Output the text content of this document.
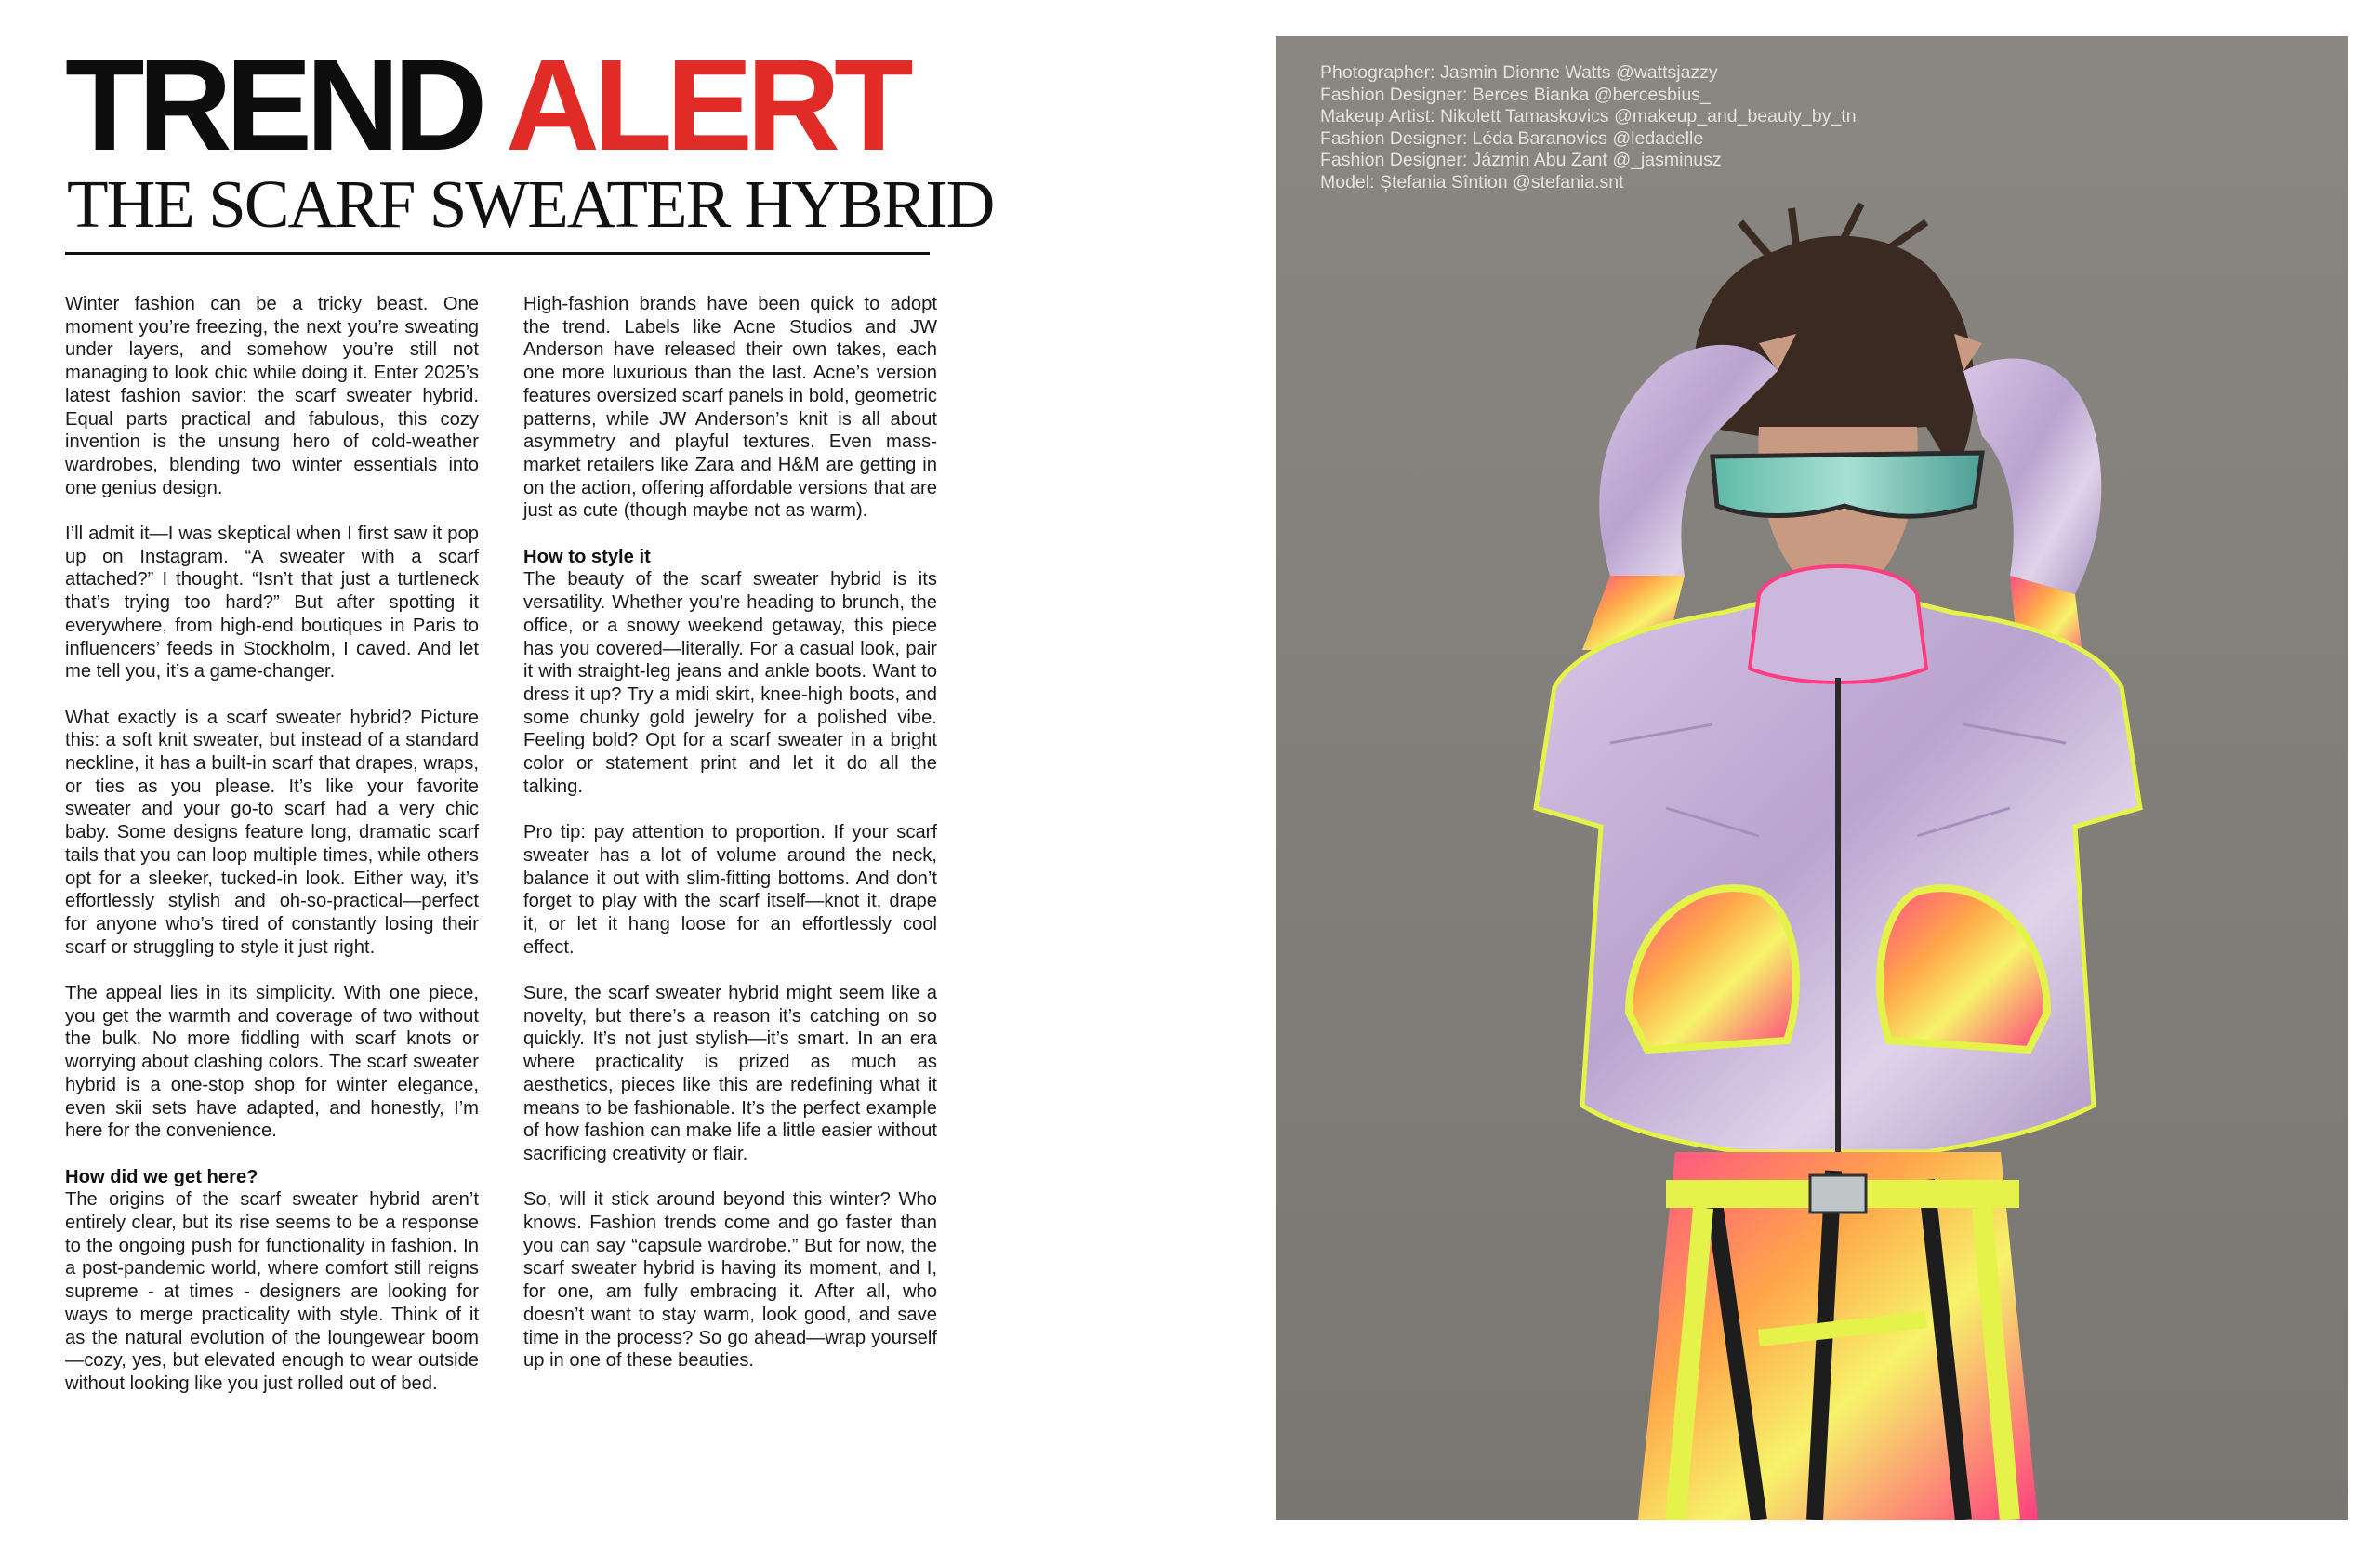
TREND ALERT
THE SCARF SWEATER HYBRID

Winter fashion can be a tricky beast. One moment you’re freezing, the next you’re sweating under layers, and somehow you’re still not managing to look chic while doing it. Enter 2025’s latest fashion savior: the scarf sweater hybrid. Equal parts practical and fabulous, this cozy invention is the unsung hero of cold-weather wardrobes, blending two winter essentials into one genius design.

I’ll admit it—I was skeptical when I first saw it pop up on Instagram. “A sweater with a scarf attached?” I thought. “Isn’t that just a turtleneck that’s trying too hard?” But after spotting it everywhere, from high-end boutiques in Paris to influencers’ feeds in Stockholm, I caved. And let me tell you, it’s a game-changer.

What exactly is a scarf sweater hybrid? Picture this: a soft knit sweater, but instead of a standard neckline, it has a built-in scarf that drapes, wraps, or ties as you please. It’s like your favorite sweater and your go-to scarf had a very chic baby. Some designs feature long, dramatic scarf tails that you can loop multiple times, while others opt for a sleeker, tucked-in look. Either way, it’s effortlessly stylish and oh-so-practical—perfect for anyone who’s tired of constantly losing their scarf or struggling to style it just right.

The appeal lies in its simplicity. With one piece, you get the warmth and coverage of two without the bulk. No more fiddling with scarf knots or worrying about clashing colors. The scarf sweater hybrid is a one-stop shop for winter elegance, even skii sets have adapted, and honestly, I’m here for the convenience.

How did we get here?

The origins of the scarf sweater hybrid aren’t entirely clear, but its rise seems to be a response to the ongoing push for functionality in fashion. In a post-pandemic world, where comfort still reigns supreme - at times - designers are looking for ways to merge practicality with style. Think of it as the natural evolution of the loungewear boom—cozy, yes, but elevated enough to wear outside without looking like you just rolled out of bed.

High-fashion brands have been quick to adopt the trend. Labels like Acne Studios and JW Anderson have released their own takes, each one more luxurious than the last. Acne’s version features oversized scarf panels in bold, geometric patterns, while JW Anderson’s knit is all about asymmetry and playful textures. Even mass-market retailers like Zara and H&M are getting in on the action, offering affordable versions that are just as cute (though maybe not as warm).

How to style it

The beauty of the scarf sweater hybrid is its versatility. Whether you’re heading to brunch, the office, or a snowy weekend getaway, this piece has you covered—literally. For a casual look, pair it with straight-leg jeans and ankle boots. Want to dress it up? Try a midi skirt, knee-high boots, and some chunky gold jewelry for a polished vibe. Feeling bold? Opt for a scarf sweater in a bright color or statement print and let it do all the talking.

Pro tip: pay attention to proportion. If your scarf sweater has a lot of volume around the neck, balance it out with slim-fitting bottoms. And don’t forget to play with the scarf itself—knot it, drape it, or let it hang loose for an effortlessly cool effect.

Sure, the scarf sweater hybrid might seem like a novelty, but there’s a reason it’s catching on so quickly. It’s not just stylish—it’s smart. In an era where practicality is prized as much as aesthetics, pieces like this are redefining what it means to be fashionable. It’s the perfect example of how fashion can make life a little easier without sacrificing creativity or flair.

So, will it stick around beyond this winter? Who knows. Fashion trends come and go faster than you can say “capsule wardrobe.” But for now, the scarf sweater hybrid is having its moment, and I, for one, am fully embracing it. After all, who doesn’t want to stay warm, look good, and save time in the process? So go ahead—wrap yourself up in one of these beauties.

Photographer: Jasmin Dionne Watts @wattsjazzy
Fashion Designer: Berces Bianka @bercesbius_
Makeup Artist: Nikolett Tamaskovics @makeup_and_beauty_by_tn
Fashion Designer: Léda Baranovics @ledadelle
Fashion Designer: Jázmin Abu Zant @_jasminusz
Model: Ștefania Sîntion @stefania.snt
